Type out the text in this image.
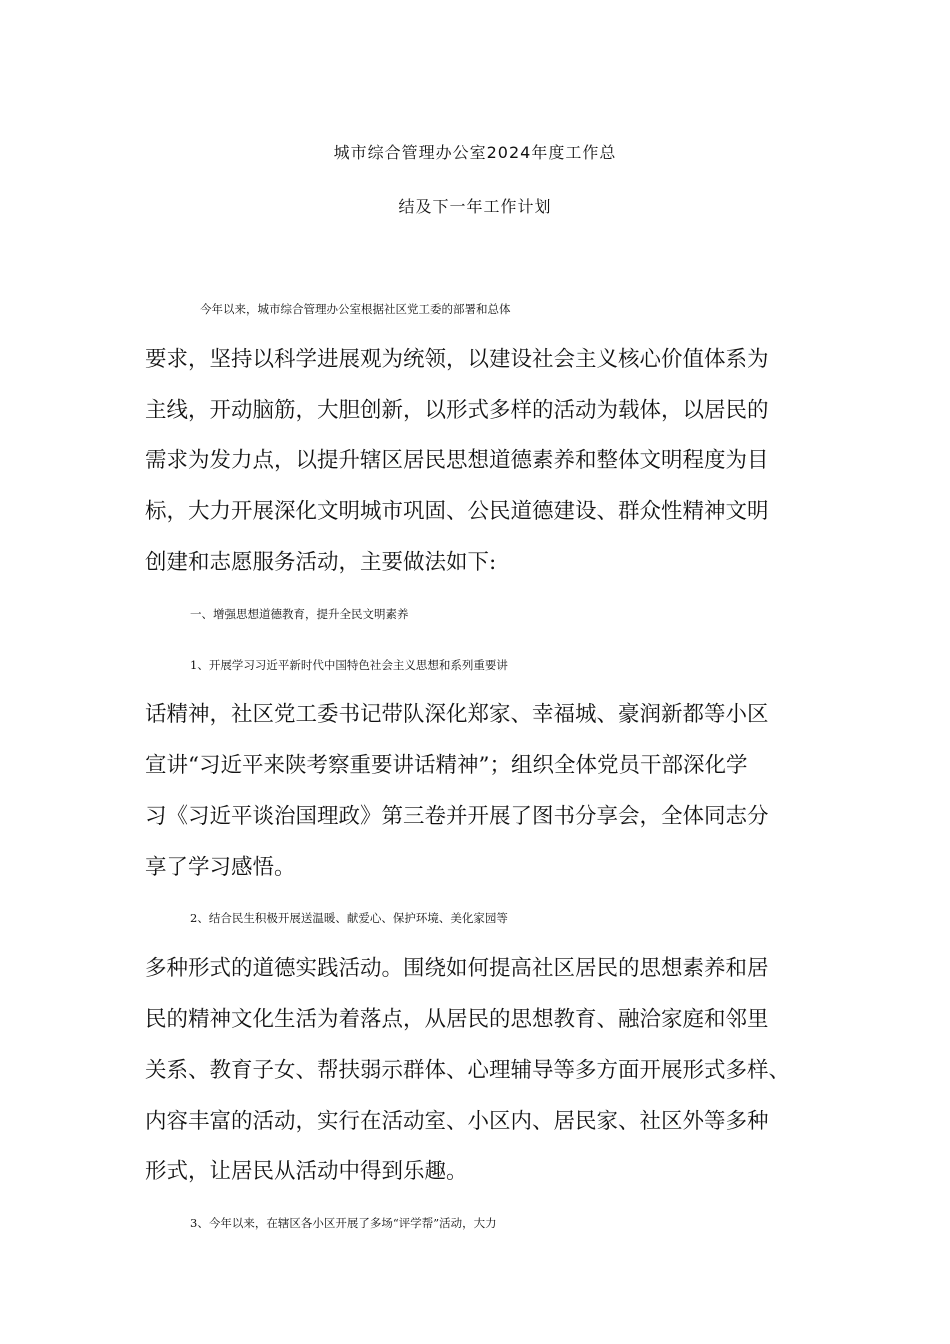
城市综合管理办公室2024年度工作总
结及下一年工作计划
今年以来，城市综合管理办公室根据社区党工委的部署和总体
要求，坚持以科学进展观为统领，以建设社会主义核心价值体系为
主线，开动脑筋，大胆创新，以形式多样的活动为载体，以居民的
需求为发力点，以提升辖区居民思想道德素养和整体文明程度为目
标，大力开展深化文明城市巩固、公民道德建设、群众性精神文明
创建和志愿服务活动，主要做法如下:
一、增强思想道德教育，提升全民文明素养
1、开展学习习近平新时代中国特色社会主义思想和系列重要讲
话精神，社区党工委书记带队深化郑家、幸福城、豪润新都等小区
宣讲“习近平来陕考察重要讲话精神”；组织全体党员干部深化学
习《习近平谈治国理政》第三卷并开展了图书分享会，全体同志分
享了学习感悟。
2、结合民生积极开展送温暖、献爱心、保护环境、美化家园等
多种形式的道德实践活动。围绕如何提高社区居民的思想素养和居
民的精神文化生活为着落点，从居民的思想教育、融洽家庭和邻里
关系、教育子女、帮扶弱示群体、心理辅导等多方面开展形式多样、
内容丰富的活动，实行在活动室、小区内、居民家、社区外等多种
形式，让居民从活动中得到乐趣。
3、今年以来，在辖区各小区开展了多场“评学帮”活动，大力
